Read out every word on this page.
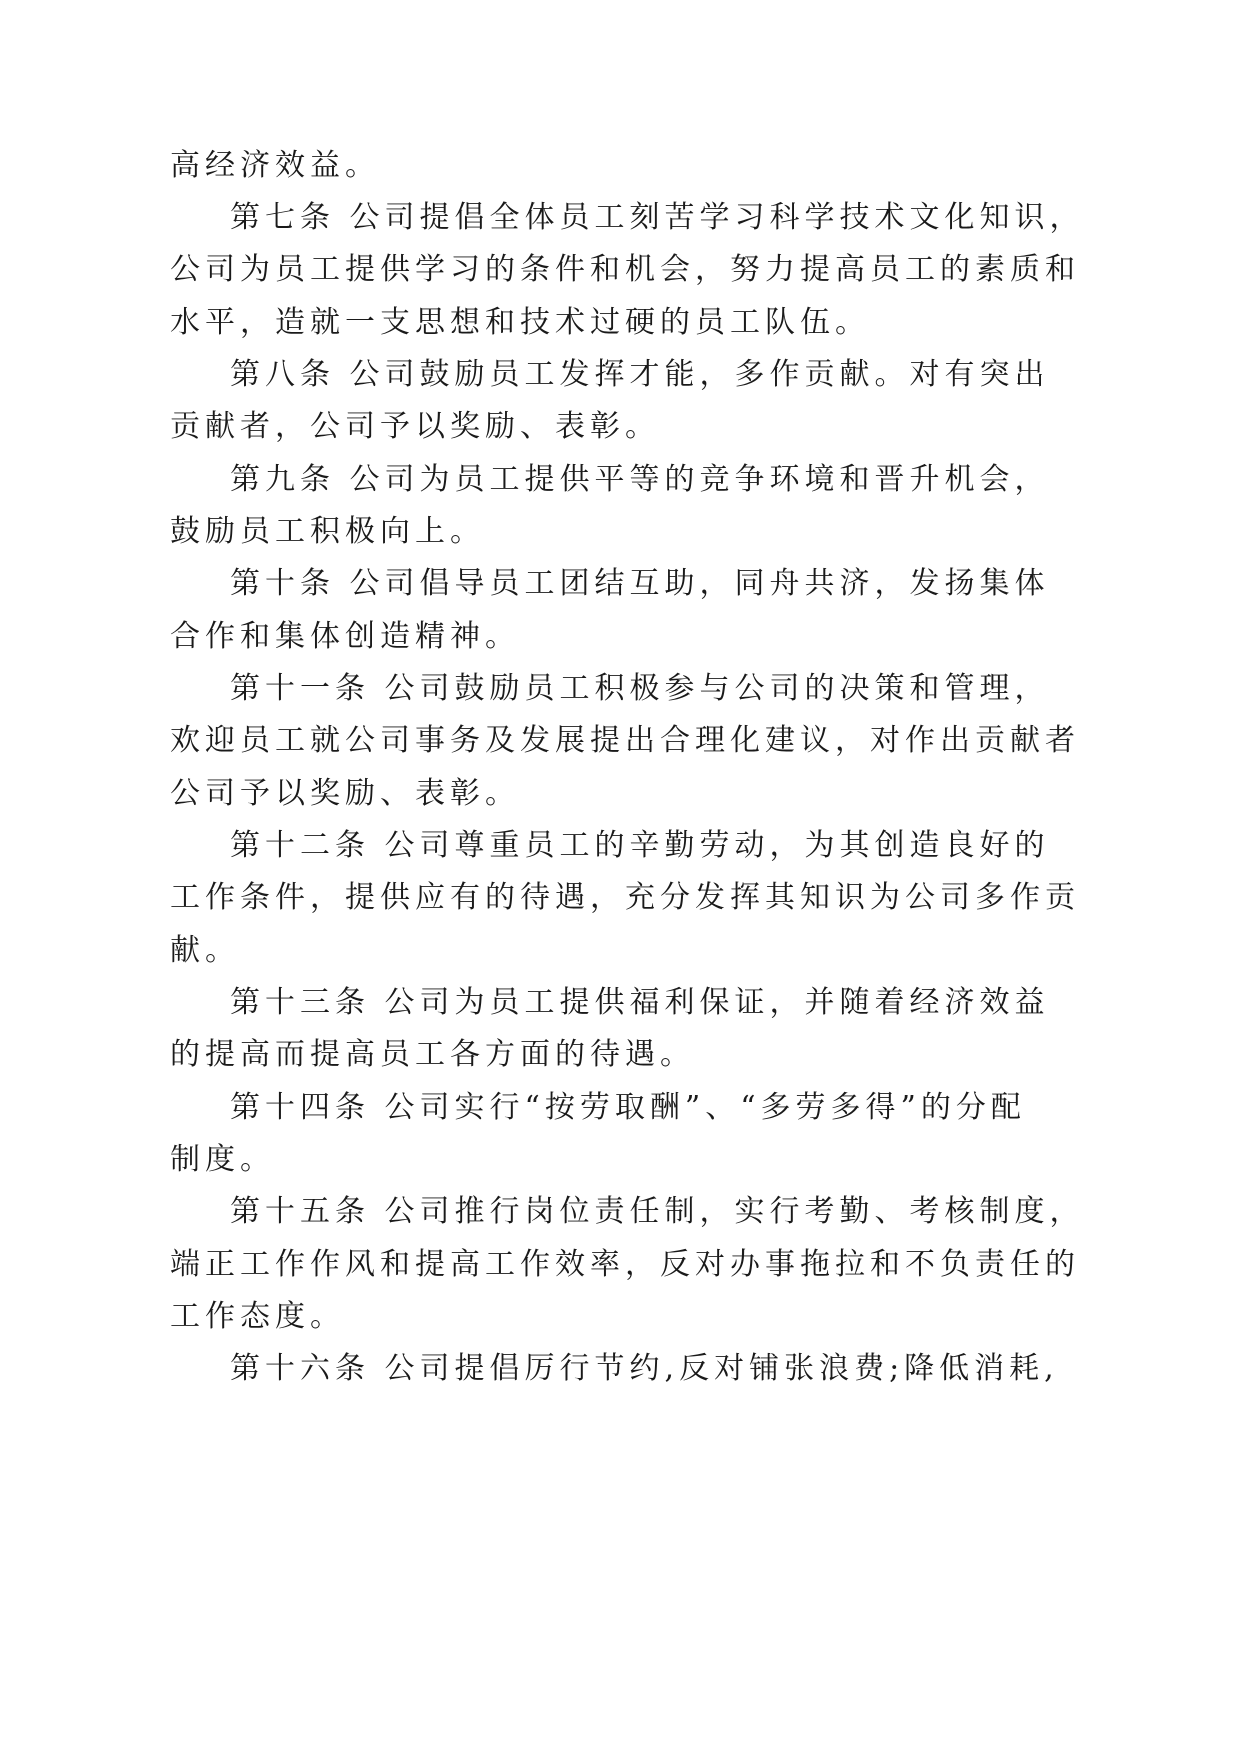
高经济效益。
第七条 公司提倡全体员工刻苦学习科学技术文化知识，
公司为员工提供学习的条件和机会，努力提高员工的素质和
水平，造就一支思想和技术过硬的员工队伍。
第八条 公司鼓励员工发挥才能，多作贡献。对有突出
贡献者，公司予以奖励、表彰。
第九条 公司为员工提供平等的竞争环境和晋升机会，
鼓励员工积极向上。
第十条 公司倡导员工团结互助，同舟共济，发扬集体
合作和集体创造精神。
第十一条 公司鼓励员工积极参与公司的决策和管理，
欢迎员工就公司事务及发展提出合理化建议，对作出贡献者
公司予以奖励、表彰。
第十二条 公司尊重员工的辛勤劳动，为其创造良好的
工作条件，提供应有的待遇，充分发挥其知识为公司多作贡
献。
第十三条 公司为员工提供福利保证，并随着经济效益
的提高而提高员工各方面的待遇。
第十四条 公司实行“按劳取酬”、“多劳多得”的分配
制度。
第十五条 公司推行岗位责任制，实行考勤、考核制度，
端正工作作风和提高工作效率，反对办事拖拉和不负责任的
工作态度。
第十六条 公司提倡厉行节约,反对铺张浪费;降低消耗,
